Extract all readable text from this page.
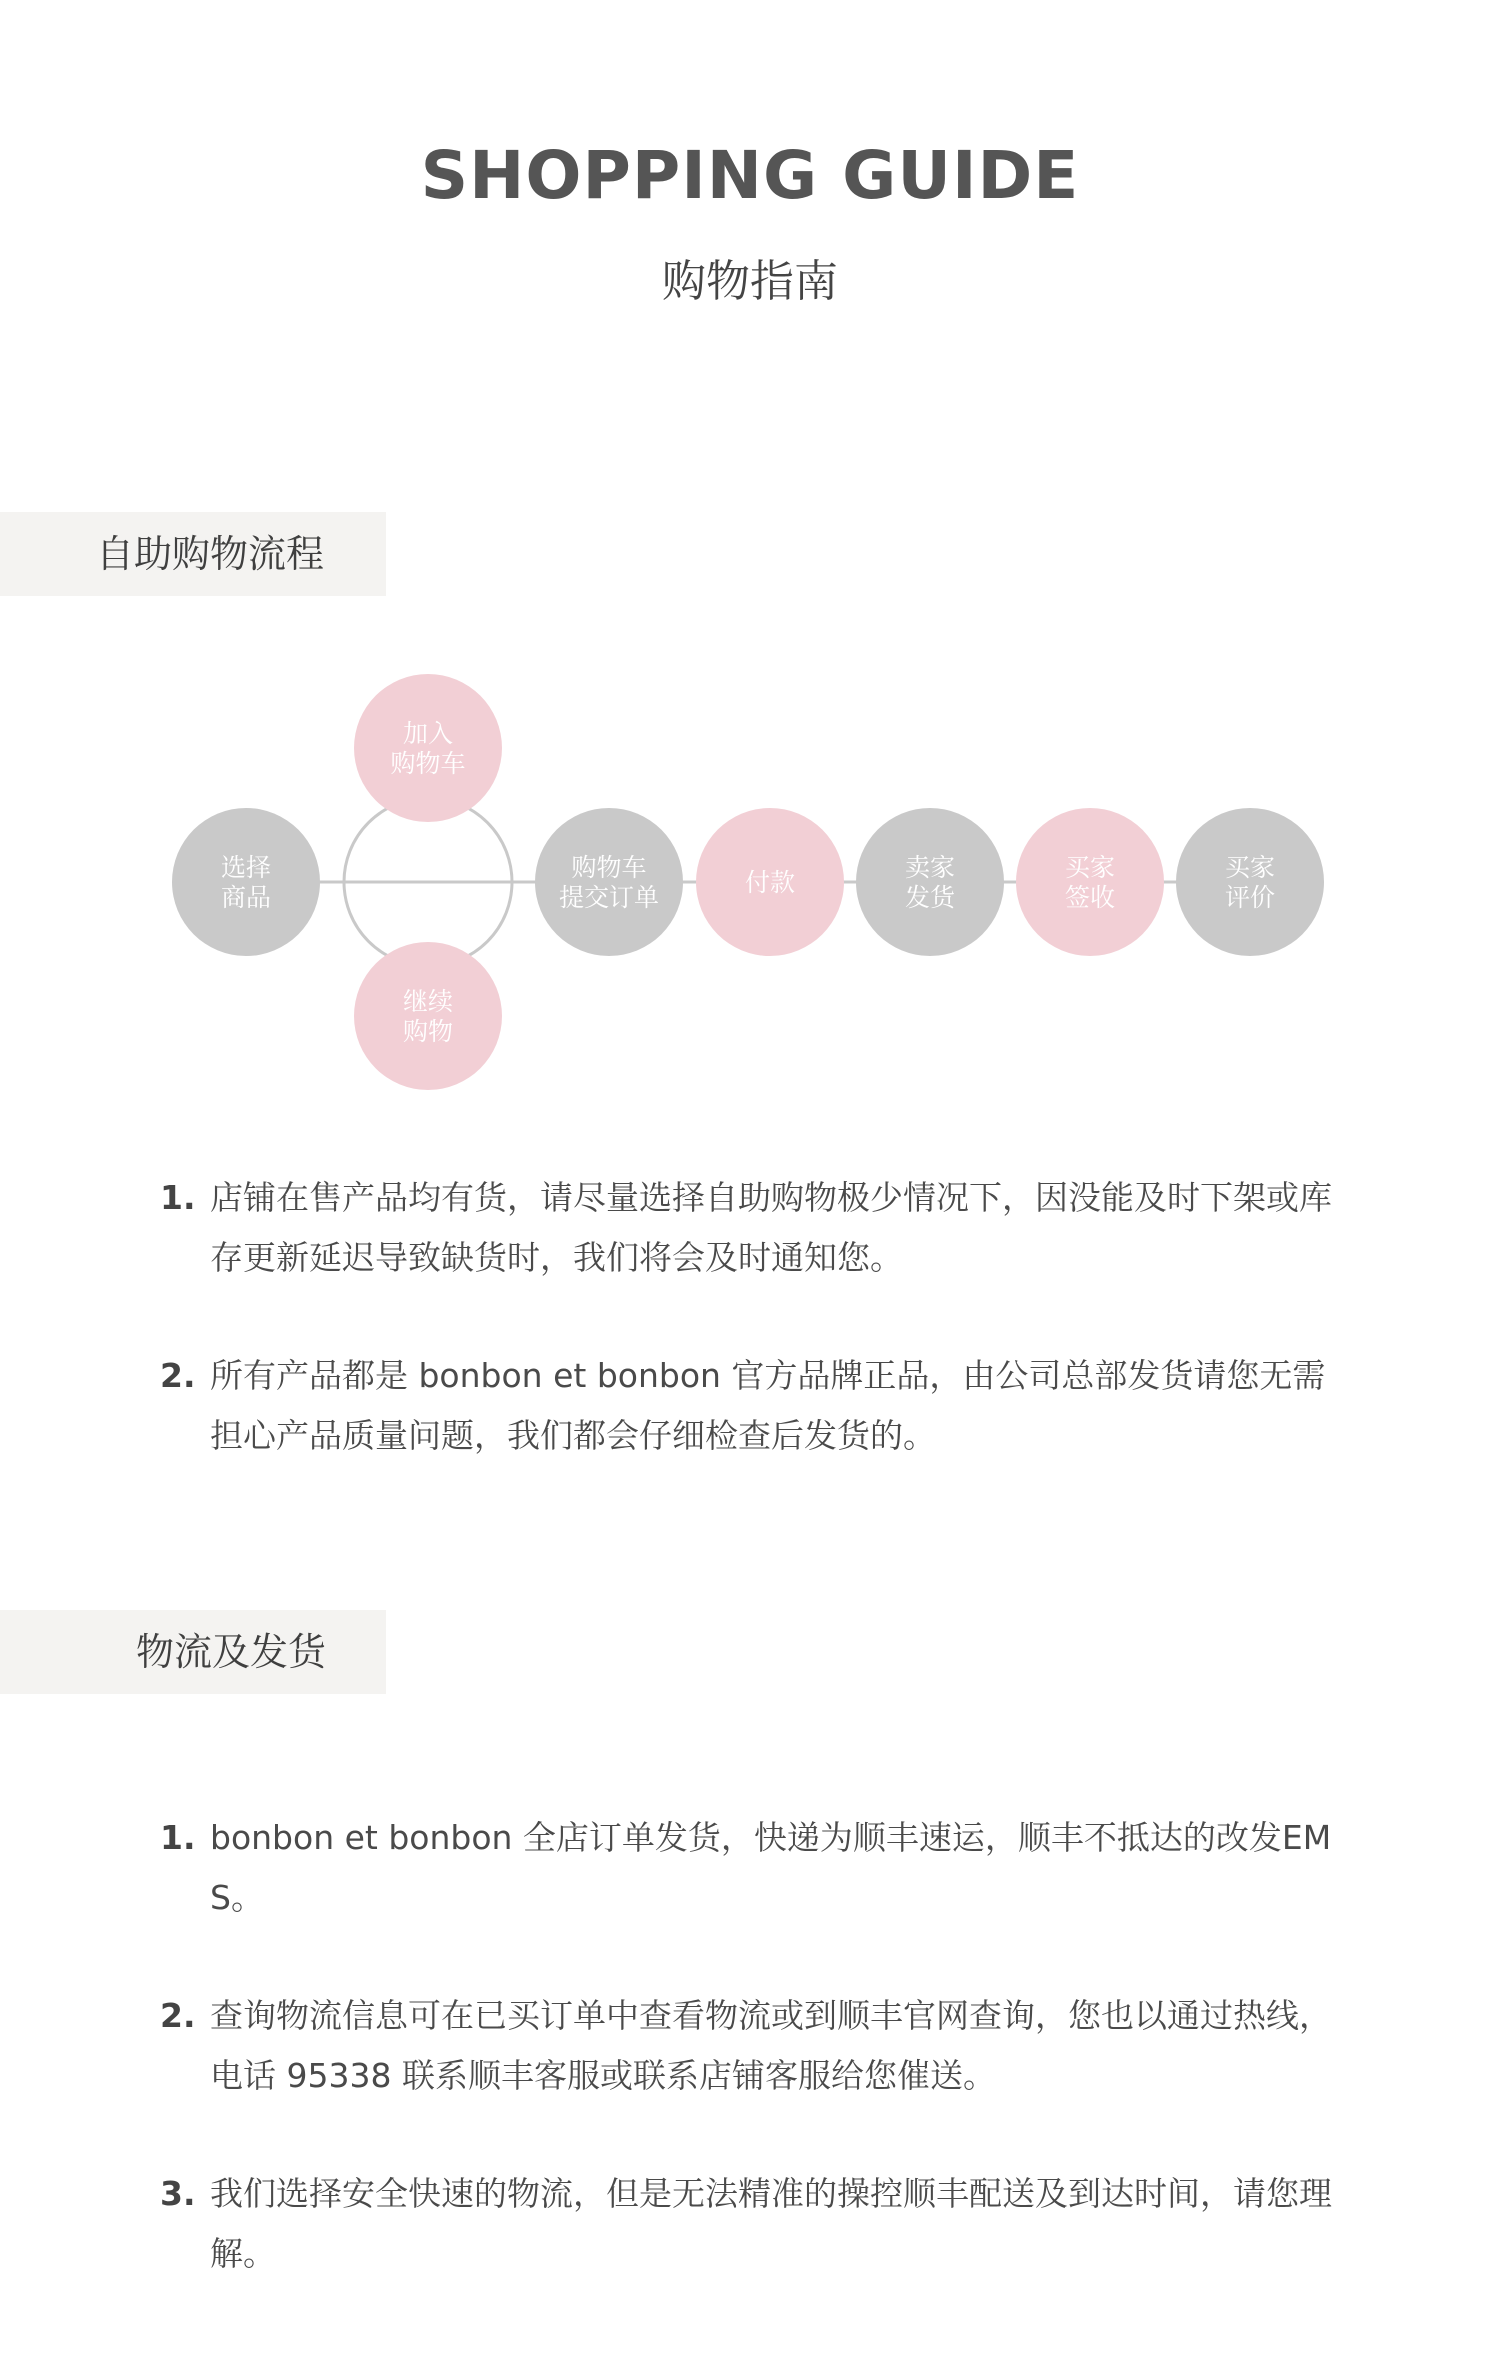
SHOPPING GUIDE
购物指南
自助购物流程
选择
商品
加入
购物车
继续
购物
购物车
提交订单
付款
卖家
发货
买家
签收
买家
评价
1. 店铺在售产品均有货，请尽量选择自助购物极少情况下，因没能及时下架或库存更新延迟导致缺货时，我们将会及时通知您。
2. 所有产品都是 bonbon et bonbon 官方品牌正品，由公司总部发货请您无需担心产品质量问题，我们都会仔细检查后发货的。
物流及发货
1. bonbon et bonbon 全店订单发货，快递为顺丰速运，顺丰不抵达的改发EMS。
2. 查询物流信息可在已买订单中查看物流或到顺丰官网查询，您也以通过热线，电话 95338 联系顺丰客服或联系店铺客服给您催送。
3. 我们选择安全快速的物流，但是无法精准的操控顺丰配送及到达时间，请您理解。
